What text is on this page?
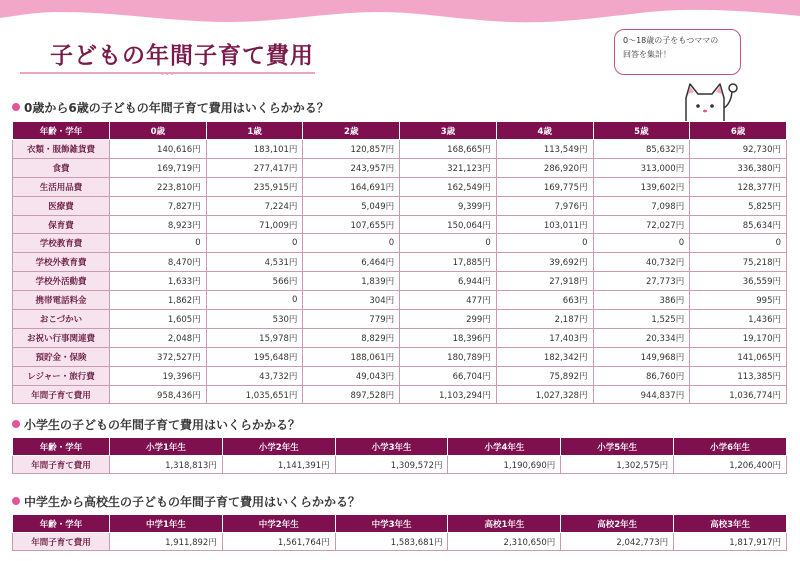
子どもの年間子育て費用
•••
0〜18歳の子をもつママの
回答を集計！
0歳から6歳の子どもの年間子育て費用はいくらかかる？
年齢・学年	0歳	1歳	2歳	3歳	4歳	5歳	6歳
衣類・服飾雑貨費	140,616円	183,101円	120,857円	168,665円	113,549円	85,632円	92,730円
食費	169,719円	277,417円	243,957円	321,123円	286,920円	313,000円	336,380円
生活用品費	223,810円	235,915円	164,691円	162,549円	169,775円	139,602円	128,377円
医療費	7,827円	7,224円	5,049円	9,399円	7,976円	7,098円	5,825円
保育費	8,923円	71,009円	107,655円	150,064円	103,011円	72,027円	85,634円
学校教育費	0	0	0	0	0	0	0
学校外教育費	8,470円	4,531円	6,464円	17,885円	39,692円	40,732円	75,218円
学校外活動費	1,633円	566円	1,839円	6,944円	27,918円	27,773円	36,559円
携帯電話料金	1,862円	0	304円	477円	663円	386円	995円
おこづかい	1,605円	530円	779円	299円	2,187円	1,525円	1,436円
お祝い行事関連費	2,048円	15,978円	8,829円	18,396円	17,403円	20,334円	19,170円
預貯金・保険	372,527円	195,648円	188,061円	180,789円	182,342円	149,968円	141,065円
レジャー・旅行費	19,396円	43,732円	49,043円	66,704円	75,892円	86,760円	113,385円
年間子育て費用	958,436円	1,035,651円	897,528円	1,103,294円	1,027,328円	944,837円	1,036,774円
小学生の子どもの年間子育て費用はいくらかかる？
年齢・学年	小学1年生	小学2年生	小学3年生	小学4年生	小学5年生	小学6年生
年間子育て費用	1,318,813円	1,141,391円	1,309,572円	1,190,690円	1,302,575円	1,206,400円
中学生から高校生の子どもの年間子育て費用はいくらかかる？
年齢・学年	中学1年生	中学2年生	中学3年生	高校1年生	高校2年生	高校3年生
年間子育て費用	1,911,892円	1,561,764円	1,583,681円	2,310,650円	2,042,773円	1,817,917円
